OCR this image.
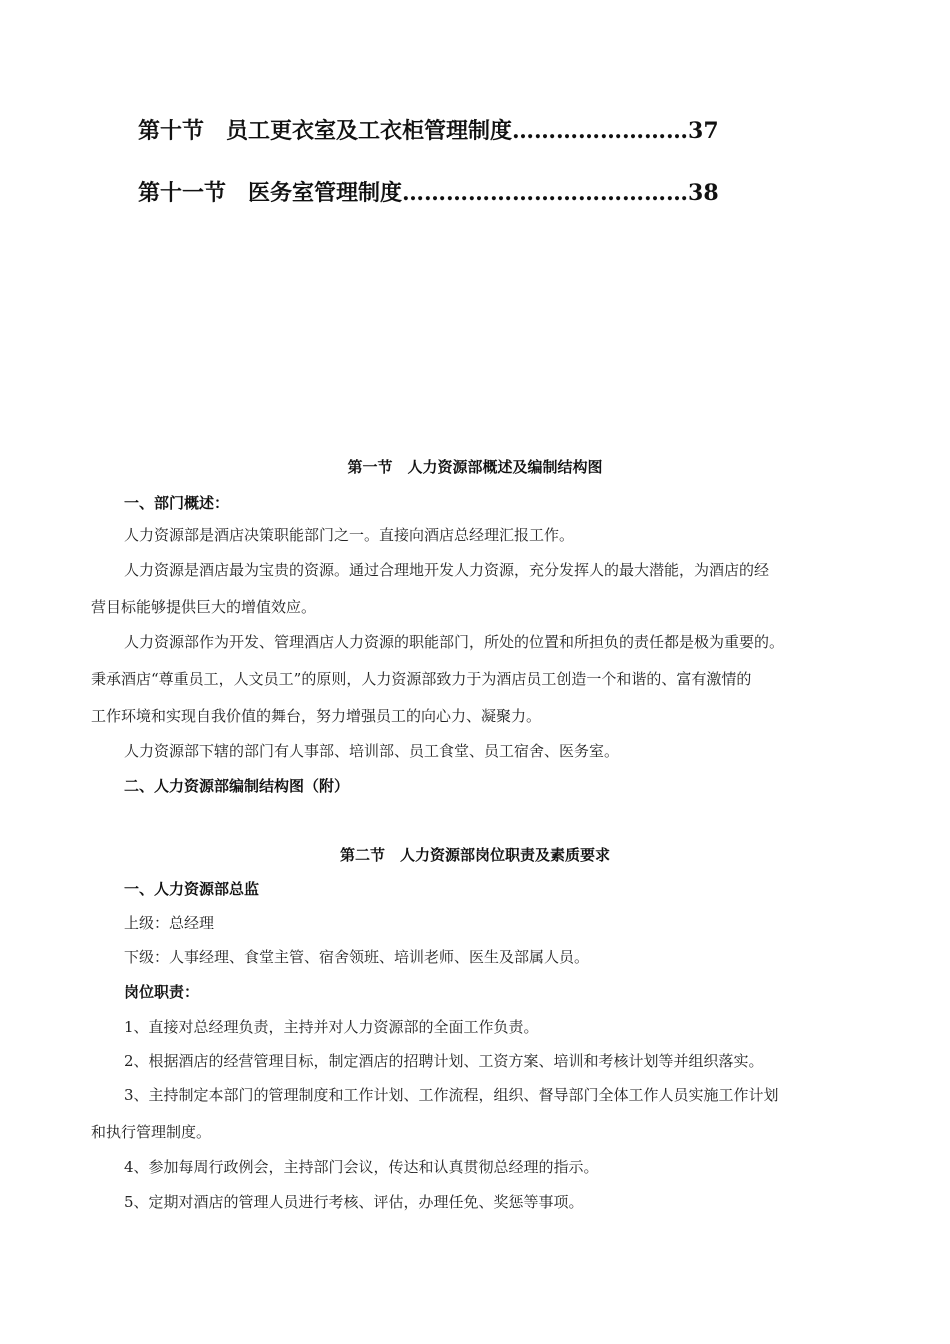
第十节 员工更衣室及工衣柜管理制度……………………37
第十一节 医务室管理制度…………………………………38
第一节　人力资源部概述及编制结构图
一、部门概述：
人力资源部是酒店决策职能部门之一。直接向酒店总经理汇报工作。
人力资源是酒店最为宝贵的资源。通过合理地开发人力资源，充分发挥人的最大潜能，为酒店的经
营目标能够提供巨大的增值效应。
人力资源部作为开发、管理酒店人力资源的职能部门，所处的位置和所担负的责任都是极为重要的。
秉承酒店“尊重员工，人文员工”的原则，人力资源部致力于为酒店员工创造一个和谐的、富有激情的
工作环境和实现自我价值的舞台，努力增强员工的向心力、凝聚力。
人力资源部下辖的部门有人事部、培训部、员工食堂、员工宿舍、医务室。
二、人力资源部编制结构图（附）
第二节　人力资源部岗位职责及素质要求
一、人力资源部总监
上级：总经理
下级：人事经理、食堂主管、宿舍领班、培训老师、医生及部属人员。
岗位职责：
1、直接对总经理负责，主持并对人力资源部的全面工作负责。
2、根据酒店的经营管理目标，制定酒店的招聘计划、工资方案、培训和考核计划等并组织落实。
3、主持制定本部门的管理制度和工作计划、工作流程，组织、督导部门全体工作人员实施工作计划
和执行管理制度。
4、参加每周行政例会，主持部门会议，传达和认真贯彻总经理的指示。
5、定期对酒店的管理人员进行考核、评估，办理任免、奖惩等事项。
